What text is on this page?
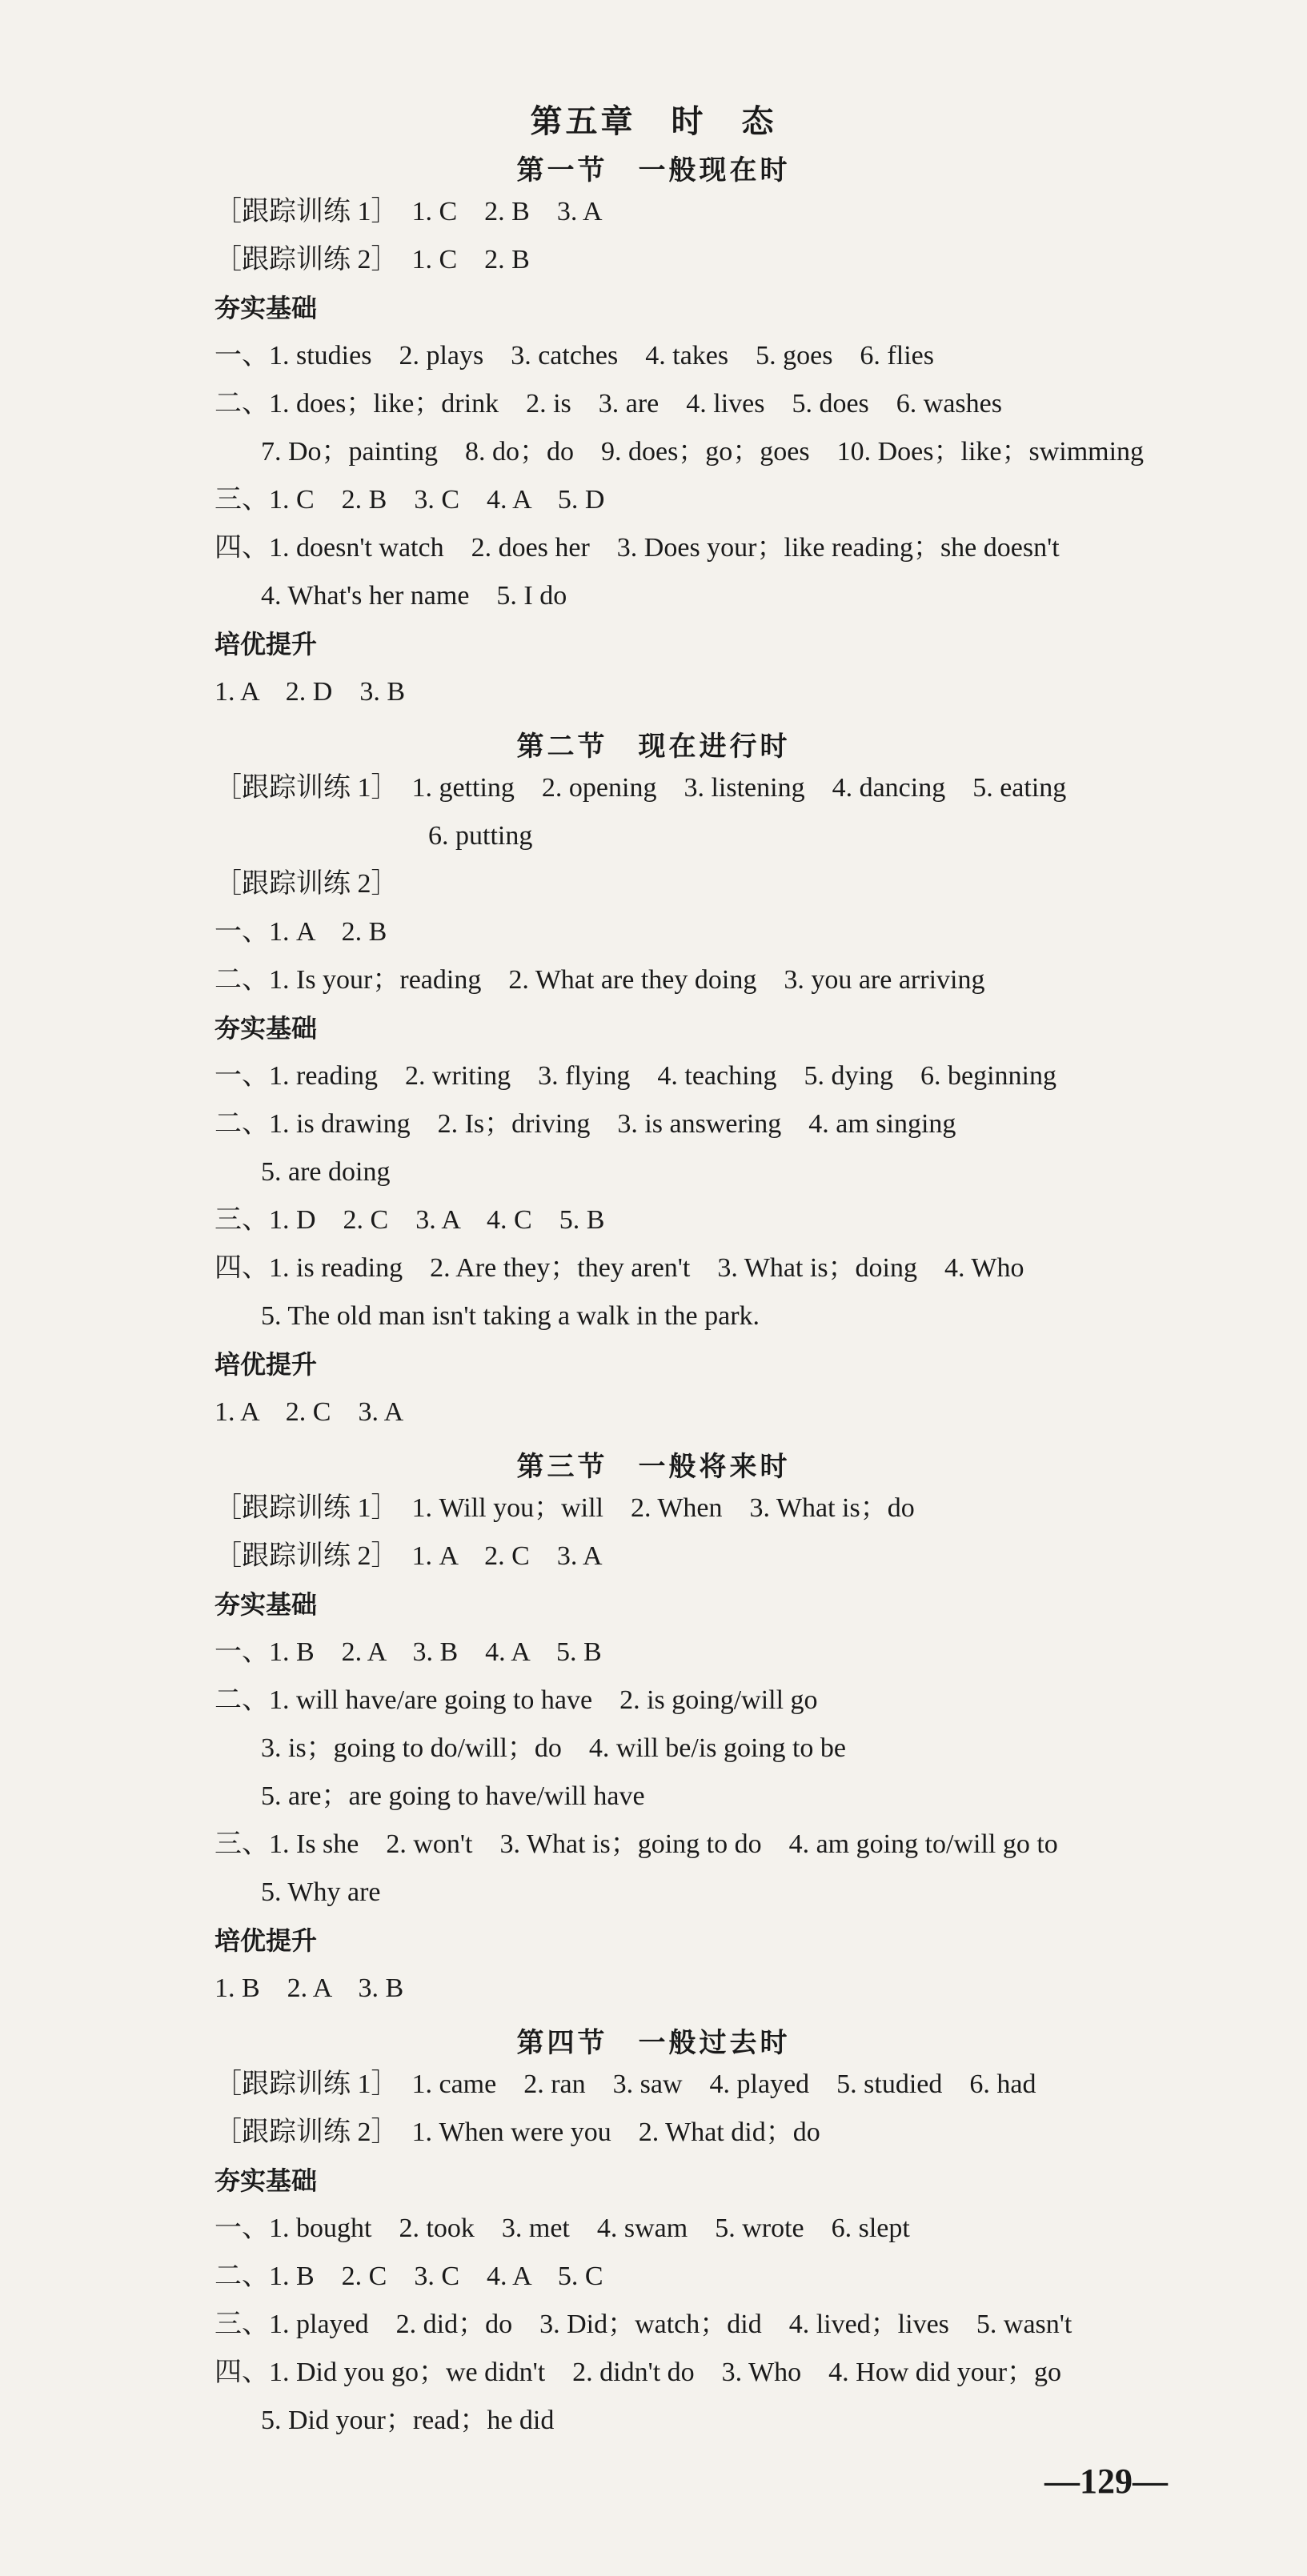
第五章　时　态
第一节　一般现在时
［跟踪训练 1］　1. C　2. B　3. A
［跟踪训练 2］　1. C　2. B
夯实基础
一、1. studies　2. plays　3. catches　4. takes　5. goes　6. flies
二、1. does；like；drink　2. is　3. are　4. lives　5. does　6. washes
7. Do；painting　8. do；do　9. does；go；goes　10. Does；like；swimming
三、1. C　2. B　3. C　4. A　5. D
四、1. doesn't watch　2. does her　3. Does your；like reading；she doesn't
4. What's her name　5. I do
培优提升
1. A　2. D　3. B
第二节　现在进行时
［跟踪训练 1］　1. getting　2. opening　3. listening　4. dancing　5. eating
6. putting
［跟踪训练 2］
一、1. A　2. B
二、1. Is your；reading　2. What are they doing　3. you are arriving
夯实基础
一、1. reading　2. writing　3. flying　4. teaching　5. dying　6. beginning
二、1. is drawing　2. Is；driving　3. is answering　4. am singing
5. are doing
三、1. D　2. C　3. A　4. C　5. B
四、1. is reading　2. Are they；they aren't　3. What is；doing　4. Who
5. The old man isn't taking a walk in the park.
培优提升
1. A　2. C　3. A
第三节　一般将来时
［跟踪训练 1］　1. Will you；will　2. When　3. What is；do
［跟踪训练 2］　1. A　2. C　3. A
夯实基础
一、1. B　2. A　3. B　4. A　5. B
二、1. will have/are going to have　2. is going/will go
3. is；going to do/will；do　4. will be/is going to be
5. are；are going to have/will have
三、1. Is she　2. won't　3. What is；going to do　4. am going to/will go to
5. Why are
培优提升
1. B　2. A　3. B
第四节　一般过去时
［跟踪训练 1］　1. came　2. ran　3. saw　4. played　5. studied　6. had
［跟踪训练 2］　1. When were you　2. What did；do
夯实基础
一、1. bought　2. took　3. met　4. swam　5. wrote　6. slept
二、1. B　2. C　3. C　4. A　5. C
三、1. played　2. did；do　3. Did；watch；did　4. lived；lives　5. wasn't
四、1. Did you go；we didn't　2. didn't do　3. Who　4. How did your；go
5. Did your；read；he did
—129—
